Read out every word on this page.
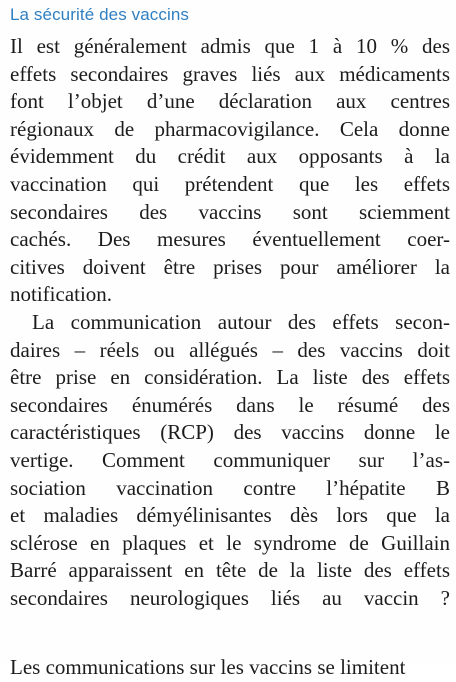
La sécurité des vaccins
Il est généralement admis que 1 à 10 % des
effets secondaires graves liés aux médicaments
font l’objet d’une déclaration aux centres
régionaux de pharmacovigilance. Cela donne
évidemment du crédit aux opposants à la
vaccination qui prétendent que les effets
secondaires des vaccins sont sciemment
cachés. Des mesures éventuellement coer-
citives doivent être prises pour améliorer la
notification.
La communication autour des effets secon-
daires – réels ou allégués – des vaccins doit
être prise en considération. La liste des effets
secondaires énumérés dans le résumé des
caractéristiques (RCP) des vaccins donne le
vertige. Comment communiquer sur l’as-
sociation vaccination contre l’hépatite B
et maladies démyélinisantes dès lors que la
sclérose en plaques et le syndrome de Guillain
Barré apparaissent en tête de la liste des effets
secondaires neurologiques liés au vaccin ?
Les communications sur les vaccins se limitent
